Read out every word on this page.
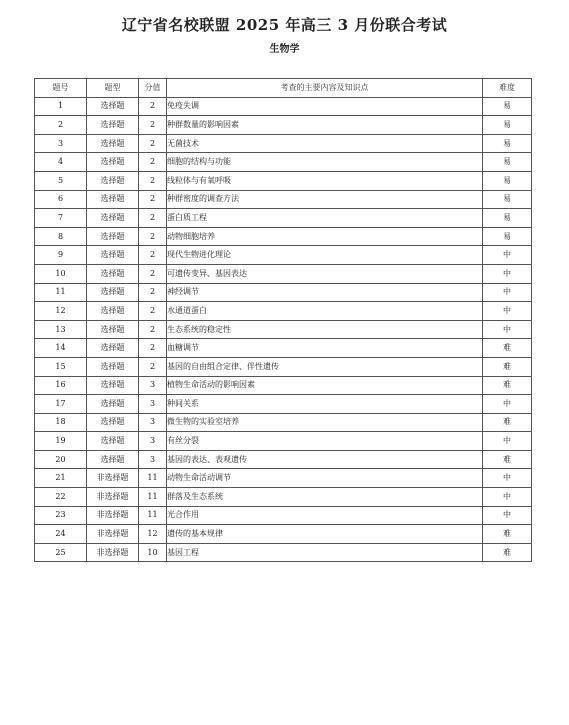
辽宁省名校联盟 2025 年高三 3 月份联合考试
生物学
题号	题型	分值	考查的主要内容及知识点	难度
1	选择题	2	免疫失调	易
2	选择题	2	种群数量的影响因素	易
3	选择题	2	无菌技术	易
4	选择题	2	细胞的结构与功能	易
5	选择题	2	线粒体与有氧呼吸	易
6	选择题	2	种群密度的调查方法	易
7	选择题	2	蛋白质工程	易
8	选择题	2	动物细胞培养	易
9	选择题	2	现代生物进化理论	中
10	选择题	2	可遗传变异、基因表达	中
11	选择题	2	神经调节	中
12	选择题	2	水通道蛋白	中
13	选择题	2	生态系统的稳定性	中
14	选择题	2	血糖调节	难
15	选择题	2	基因的自由组合定律、伴性遗传	难
16	选择题	3	植物生命活动的影响因素	难
17	选择题	3	种间关系	中
18	选择题	3	微生物的实验室培养	难
19	选择题	3	有丝分裂	中
20	选择题	3	基因的表达、表观遗传	难
21	非选择题	11	动物生命活动调节	中
22	非选择题	11	群落及生态系统	中
23	非选择题	11	光合作用	中
24	非选择题	12	遗传的基本规律	难
25	非选择题	10	基因工程	难
